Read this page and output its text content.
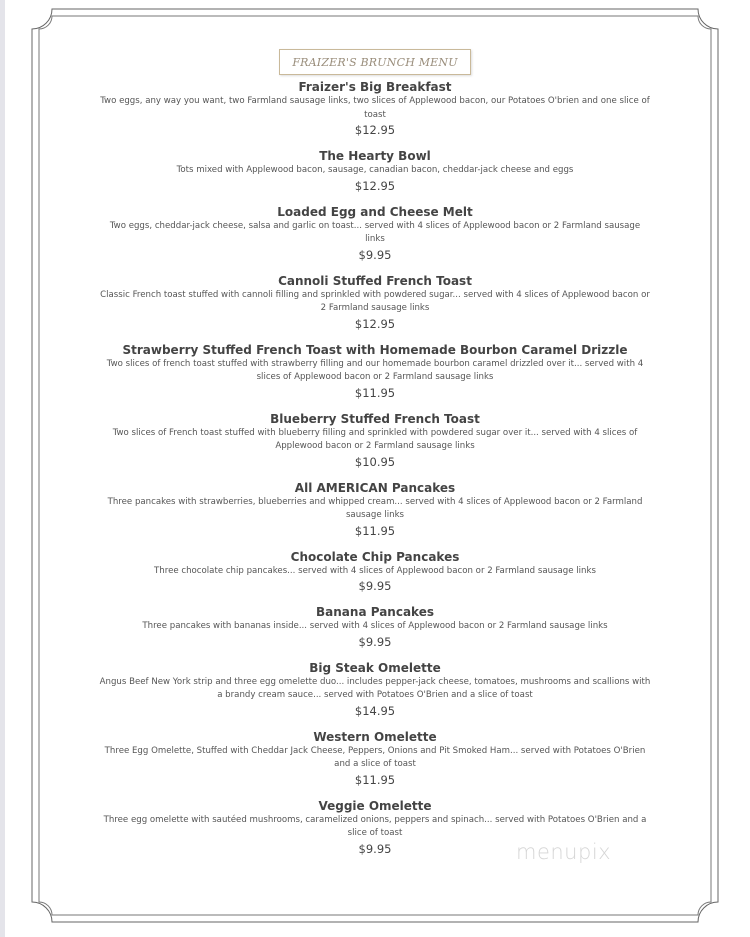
FRAIZER'S BRUNCH MENU
Fraizer's Big Breakfast
Two eggs, any way you want, two Farmland sausage links, two slices of Applewood bacon, our Potatoes O'brien and one slice of toast
$12.95
The Hearty Bowl
Tots mixed with Applewood bacon, sausage, canadian bacon, cheddar-jack cheese and eggs
$12.95
Loaded Egg and Cheese Melt
Two eggs, cheddar-jack cheese, salsa and garlic on toast... served with 4 slices of Applewood bacon or 2 Farmland sausage links
$9.95
Cannoli Stuffed French Toast
Classic French toast stuffed with cannoli filling and sprinkled with powdered sugar... served with 4 slices of Applewood bacon or 2 Farmland sausage links
$12.95
Strawberry Stuffed French Toast with Homemade Bourbon Caramel Drizzle
Two slices of french toast stuffed with strawberry filling and our homemade bourbon caramel drizzled over it... served with 4 slices of Applewood bacon or 2 Farmland sausage links
$11.95
Blueberry Stuffed French Toast
Two slices of French toast stuffed with blueberry filling and sprinkled with powdered sugar over it... served with 4 slices of Applewood bacon or 2 Farmland sausage links
$10.95
All AMERICAN Pancakes
Three pancakes with strawberries, blueberries and whipped cream... served with 4 slices of Applewood bacon or 2 Farmland sausage links
$11.95
Chocolate Chip Pancakes
Three chocolate chip pancakes... served with 4 slices of Applewood bacon or 2 Farmland sausage links
$9.95
Banana Pancakes
Three pancakes with bananas inside... served with 4 slices of Applewood bacon or 2 Farmland sausage links
$9.95
Big Steak Omelette
Angus Beef New York strip and three egg omelette duo... includes pepper-jack cheese, tomatoes, mushrooms and scallions with a brandy cream sauce... served with Potatoes O'Brien and a slice of toast
$14.95
Western Omelette
Three Egg Omelette, Stuffed with Cheddar Jack Cheese, Peppers, Onions and Pit Smoked Ham... served with Potatoes O'Brien and a slice of toast
$11.95
Veggie Omelette
Three egg omelette with sautéed mushrooms, caramelized onions, peppers and spinach... served with Potatoes O'Brien and a slice of toast
$9.95	menupix
